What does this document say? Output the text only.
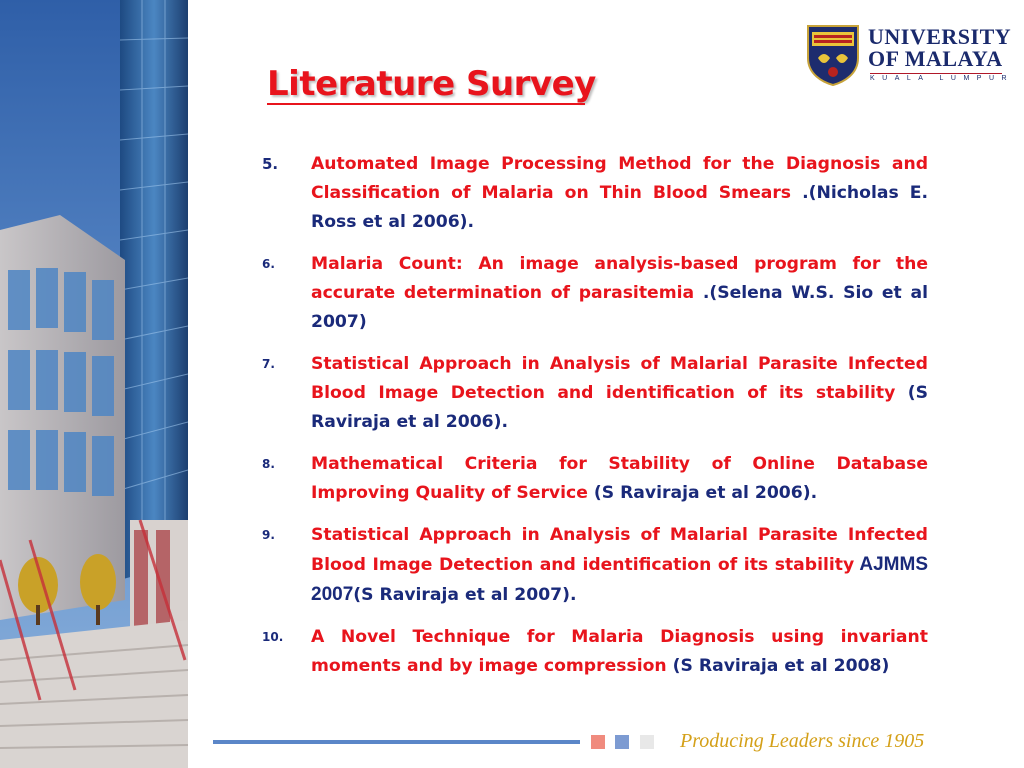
UNIVERSITY
OF MALAYA
KUALA LUMPUR
Literature Survey
5. Automated Image Processing Method for the Diagnosis and Classification of Malaria on Thin Blood Smears .(Nicholas E. Ross et al 2006).
6. Malaria Count: An image analysis-based program for the accurate determination of parasitemia .(Selena W.S. Sio et al 2007)
7. Statistical Approach in Analysis of Malarial Parasite Infected Blood Image Detection and identification of its stability (S Raviraja et al 2006).
8. Mathematical Criteria for Stability of Online Database Improving Quality of Service (S Raviraja et al 2006).
9. Statistical Approach in Analysis of Malarial Parasite Infected Blood Image Detection and identification of its stability AJMMS 2007(S Raviraja et al 2007).
10. A Novel Technique for Malaria Diagnosis using invariant moments and by image compression (S Raviraja et al 2008)
Producing Leaders since 1905
